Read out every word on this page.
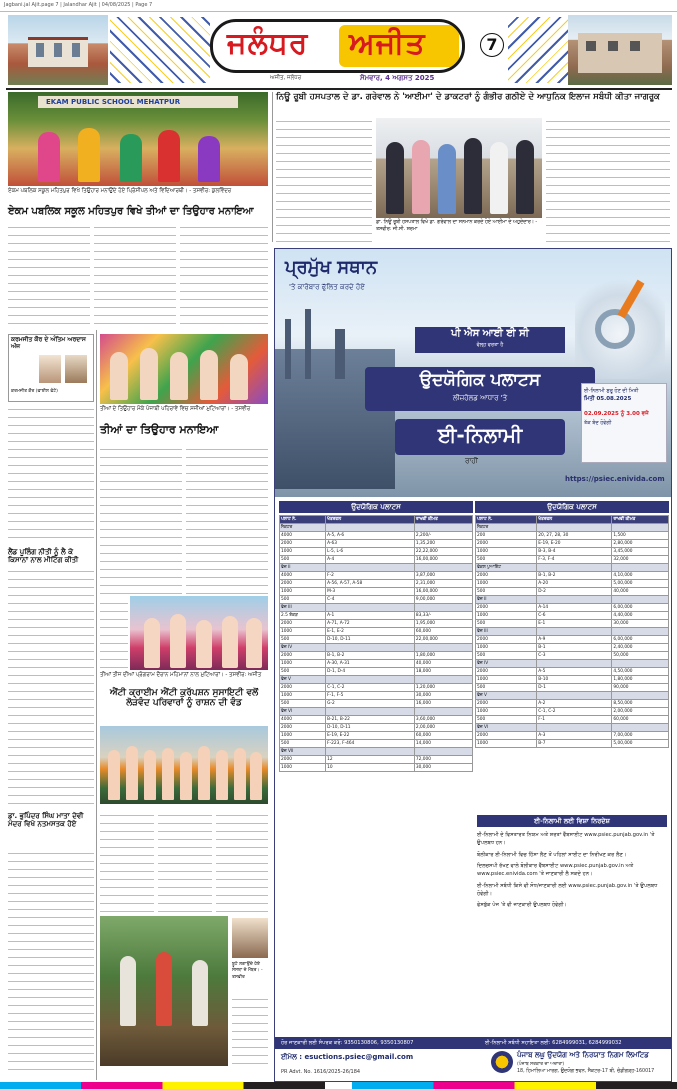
Jagbani.jal Ajit.page 7 | Jalandhar Ajit | 04/08/2025 | Page 7
ਜਲੰਧਰ ਅਜੀਤ
ਅਜੀਤ, ਜਲੰਧਰ	ਸੋਮਵਾਰ, 4 ਅਗਸਤ 2025
7
EKAM PUBLIC SCHOOL MEHATPUR
ਏਕਮ ਪਬਲਿਕ ਸਕੂਲ ਮਹਿਤਪੁਰ ਵਿਖੇ ਤਿਉਹਾਰ ਮਨਾਉਂਦੇ ਹੋਏ ਪ੍ਰਿੰਸੀਪਲ ਅਤੇ ਵਿਦਿਆਰਥੀ। - ਤਸਵੀਰ: ਕੁਲਵਿੰਦਰ
ਏਕਮ ਪਬਲਿਕ ਸਕੂਲ ਮਹਿਤਪੁਰ ਵਿਖੇ ਤੀਆਂ ਦਾ ਤਿਉਹਾਰ ਮਨਾਇਆ
ਕਰਮਜੀਤ ਕੌਰ ਦੇ ਅੰਤਿਮ ਅਰਦਾਸ ਅੱਜ
ਕਰਮਜੀਤ ਕੌਰ (ਫਾਈਲ ਫੋਟੋ)
ਲੈਂਡ ਪੂਲਿੰਗ ਨੀਤੀ ਨੂੰ ਲੈ ਕੇ ਕਿਸਾਨਾਂ ਨਾਲ ਮੀਟਿੰਗ ਕੀਤੀ
ਡਾ. ਭੁਪਿੰਦਰ ਸਿੰਘ ਮਾਤਾ ਦੇਵੀ ਮੰਦਰ ਵਿਖੇ ਨਤਮਸਤਕ ਹੋਏ
ਤੀਆਂ ਦੇ ਤਿਉਹਾਰ ਮੌਕੇ ਪੰਜਾਬੀ ਪਹਿਰਾਵੇ ਵਿਚ ਸਜੀਆਂ ਮੁਟਿਆਰਾਂ। - ਤਸਵੀਰ
ਤੀਆਂ ਦਾ ਤਿਉਹਾਰ ਮਨਾਇਆ
ਤੀਆਂ ਤੀਜ ਦੀਆਂ ਪ੍ਰੋਗਰਾਮ ਦੌਰਾਨ ਮਹਿਮਾਨਾਂ ਨਾਲ ਮੁਟਿਆਰਾਂ। - ਤਸਵੀਰ: ਅਜੀਤ
ਐਂਟੀ ਕ੍ਰਾਈਮ ਐਂਟੀ ਕੁਰੱਪਸ਼ਨ ਸੁਸਾਇਟੀ ਵਲੋਂ ਲੋੜਵੰਦ ਪਰਿਵਾਰਾਂ ਨੂੰ ਰਾਸ਼ਨ ਦੀ ਵੰਡ
ਬੂਟੇ ਲਗਾਉਂਦੇ ਹੋਏ ਸੰਸਥਾ ਦੇ ਮੈਂਬਰ। - ਤਸਵੀਰ
ਨਿਊ ਰੂਬੀ ਹਸਪਤਾਲ ਦੇ ਡਾ. ਗਰੇਵਾਲ ਨੇ 'ਆਈਮਾ' ਦੇ ਡਾਕਟਰਾਂ ਨੂੰ ਗੰਭੀਰ ਗਠੀਏ ਦੇ ਆਧੁਨਿਕ ਇਲਾਜ ਸਬੰਧੀ ਕੀਤਾ ਜਾਗਰੂਕ
ਡਾ. ਨਿਊ ਰੂਬੀ ਹਸਪਤਾਲ ਵਿਖੇ ਡਾ. ਗਰੇਵਾਲ ਦਾ ਸਨਮਾਨ ਕਰਦੇ ਹੋਏ ਆਈਮਾ ਦੇ ਅਹੁਦੇਦਾਰ। - ਤਸਵੀਰ: ਜੀ.ਸੀ. ਸ਼ਰਮਾ
ਪ੍ਰਮੁੱਖ ਸਥਾਨ
'ਤੇ ਕਾਰੋਬਾਰ ਫੁੱਲਿਤ ਕਰਦੇ ਹੋਏ
ਪੀ ਐਸ ਆਈ ਈ ਸੀ
ਵੱਲ੍ਹ ਵਰਤਾ ਹੈ
ਉਦਯੋਗਿਕ ਪਲਾਟਸ
ਲੀਜ਼ਹੋਲਡ ਆਧਾਰ 'ਤੇ
ਈ-ਨਿਲਾਮੀ
ਰਾਹੀਂ
ਈ-ਨਿਲਾਮੀ ਸ਼ੁਰੂ ਹੋਣ ਦੀ ਮਿਤੀ
ਮਿਤੀ 05.08.2025
02.09.2025 ਨੂੰ 3.00 ਵਜੇ
ਤੱਕ ਬੰਦ ਹੋਵੇਗੀ
https://psiec.enivida.com
ਉਦਯੋਗਿਕ ਪਲਾਟਸ	ਉਦਯੋਗਿਕ ਪਲਾਟਸ
ਪਲਾਟ ਨੰ.	ਖੇਤਰਫਲ	ਰਾਖਵੀਂ ਕੀਮਤ
ਸੈਕਟਰ		
4000	A-5, A-6	2,200/-
2000	A-63	1,35,200
1000	L-5, L-6	22,22,000
500	A-4	16,00,000
ਫੇਜ਼ II		
4000	F-2	3,87,000
2000	A-56, A-57, A-58	2,31,000
1000	M-3	16,00,000
500	C-4	9,00,000
ਫੇਜ਼ III		
2.5 ਏਕੜ	A-1	83,33/-
2000	A-71, A-72	1,95,000
1000	E-1, E-2	60,000
500	D-10, D-11	22,00,000
ਫੇਜ਼ IV		
2000	B-1, B-2	1,80,000
1000	A-30, A-31	40,000
500	D-1, D-4	18,000
ਫੇਜ਼ V		
2000	C-1, C-2	1,20,000
1000	F-1, F-5	30,000
500	G-2	16,000
ਫੇਜ਼ VI		
4000	B-21, B-22	3,60,000
2000	D-10, D-11	2,00,000
1000	E-19, E-22	60,000
500	F-223, F-464	14,000
ਫੇਜ਼ VII		
2000	12	72,000
1000	10	30,000
ਪਲਾਟ ਨੰ.	ਖੇਤਰਫਲ	ਰਾਖਵੀਂ ਕੀਮਤ
ਸੈਕਟਰ		
200	20, 27, 28, 30	1,500
2000	E-19, E-20	2,80,000
1000	B-3, B-4	3,45,000
500	F-3, F-4	32,000
ਫੋਕਲ ਪੁਆਇੰਟ		
2000	B-1, B-2	4,10,000
1000	A-20	5,00,000
500	D-2	40,000
ਫੇਜ਼ II		
2000	A-14	6,00,000
1000	C-6	4,40,000
500	E-1	30,000
ਫੇਜ਼ III		
2000	A-9	6,00,000
1000	B-1	2,40,000
500	C-3	50,000
ਫੇਜ਼ IV		
2000	A-5	4,50,000
1000	B-10	1,80,000
500	D-1	90,000
ਫੇਜ਼ V		
2000	A-2	8,50,000
1000	C-1, C-2	2,00,000
500	F-1	60,000
ਫੇਜ਼ VI		
2000	A-3	7,00,000
1000	B-7	5,00,000
ਈ-ਨਿਲਾਮੀ ਲਈ ਵਿਸ਼ਾ ਨਿਰਦੇਸ਼
ਈ-ਨਿਲਾਮੀ ਦੇ ਵਿਸਤਾਰਤ ਨਿਯਮ ਅਤੇ ਸ਼ਰਤਾਂ ਵੈੱਬਸਾਈਟ www.psiec.punjab.gov.in 'ਤੇ ਉਪਲਬਧ ਹਨ।
ਬੋਲੀਕਾਰ ਈ-ਨਿਲਾਮੀ ਵਿਚ ਹਿੱਸਾ ਲੈਣ ਤੋਂ ਪਹਿਲਾਂ ਸਾਈਟ ਦਾ ਨਿਰੀਖਣ ਕਰ ਲੈਣ।
ਦਿਲਚਸਪੀ ਰੱਖਣ ਵਾਲੇ ਬੋਲੀਕਾਰ ਵੈੱਬਸਾਈਟ www.psiec.punjab.gov.in ਅਤੇ www.psiec.enivida.com 'ਤੇ ਜਾਣਕਾਰੀ ਲੈ ਸਕਦੇ ਹਨ।
ਈ-ਨਿਲਾਮੀ ਸਬੰਧੀ ਕਿਸੇ ਵੀ ਸੋਧ/ਜਾਣਕਾਰੀ ਲਈ www.psiec.punjab.gov.in 'ਤੇ ਉਪਲਬਧ ਹੋਵੇਗੀ।
ਫੇਸਬੁੱਕ ਪੇਜ 'ਤੇ ਵੀ ਜਾਣਕਾਰੀ ਉਪਲਬਧ ਹੋਵੇਗੀ।
ਹੋਰ ਜਾਣਕਾਰੀ ਲਈ ਸੰਪਰਕ ਕਰੋ: 9350130806, 9350130807	ਈ-ਨਿਲਾਮੀ ਸਬੰਧੀ ਸਹਾਇਤਾ ਲਈ: 6284999031, 6284999032
ਈਮੇਲ : esuctions.psiec@gmail.com	ਪੰਜਾਬ ਲਘੂ ਉਦਯੋਗ ਅਤੇ ਨਿਰਯਾਤ ਨਿਗਮ ਲਿਮਟਿਡ
(ਪੰਜਾਬ ਸਰਕਾਰ ਦਾ ਅਦਾਰਾ)
18, ਹਿਮਾਲਿਆ ਮਾਰਗ, ਉਦਯੋਗ ਭਵਨ, ਸੈਕਟਰ-17 ਬੀ, ਚੰਡੀਗੜ੍ਹ-160017
PR Advt. No. 1616/2025-26/184
